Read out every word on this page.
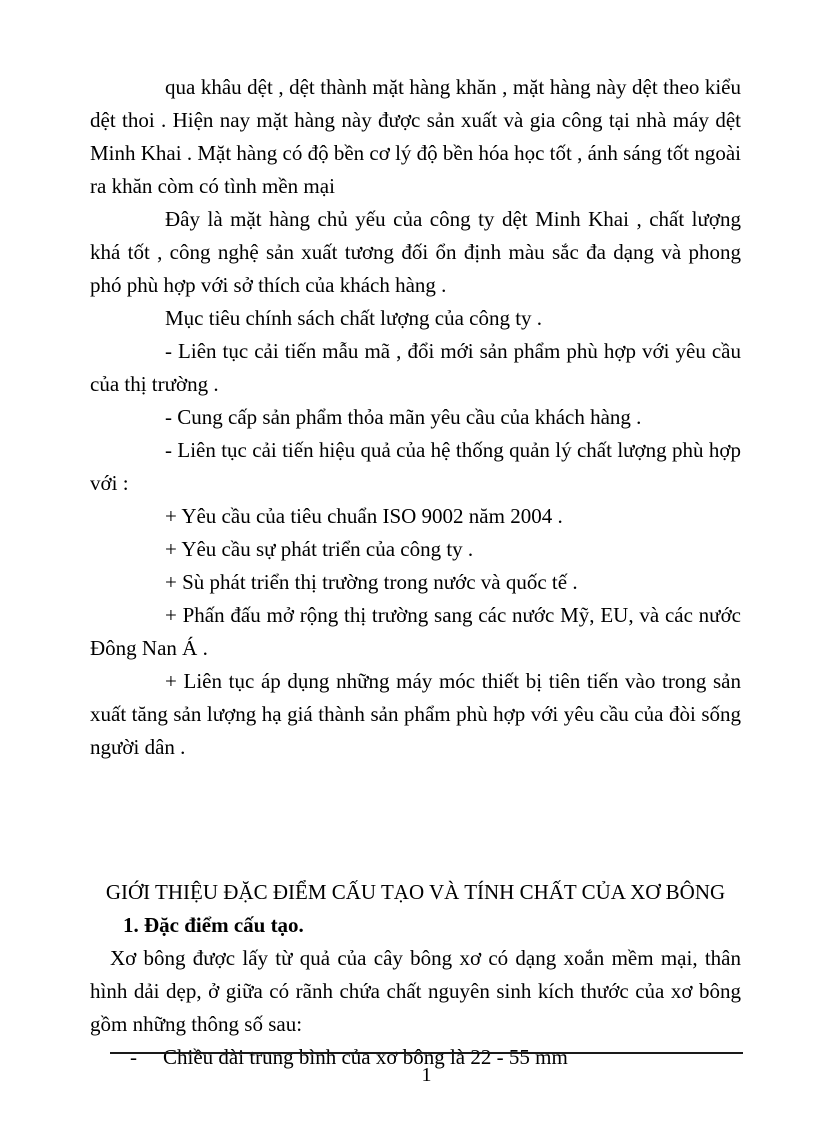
qua khâu dệt , dệt thành mặt hàng khăn , mặt hàng này dệt theo kiểu dệt thoi . Hiện nay mặt hàng này được sản xuất và gia công tại nhà máy dệt Minh Khai . Mặt hàng có độ bền cơ lý độ bền hóa học tốt , ánh sáng tốt ngoài ra khăn còm có tình mền mại

Đây là mặt hàng chủ yếu của công ty dệt Minh Khai , chất lượng khá tốt , công nghệ sản xuất tương đối ổn định màu sắc đa dạng và phong phó phù hợp với sở thích của khách hàng .

Mục tiêu chính sách chất lượng của công ty .

- Liên tục cải tiến mẫu mã , đổi mới sản phẩm phù hợp với yêu cầu của thị trường .

- Cung cấp sản phẩm thỏa mãn yêu cầu của khách hàng .

- Liên tục cải tiến hiệu quả của hệ thống quản lý chất lượng phù hợp với :

+ Yêu cầu của tiêu chuẩn ISO 9002 năm 2004 .

+ Yêu cầu sự phát triển của công ty .

+ Sù phát triển thị trường trong nước và quốc tế .

+ Phấn đấu mở rộng thị trường sang các nước Mỹ, EU, và các nước Đông Nan Á .

+ Liên tục áp dụng những máy móc thiết bị tiên tiến vào trong sản xuất tăng sản lượng hạ giá thành sản phẩm phù hợp với yêu cầu của đòi sống người dân .

GIỚI THIỆU ĐẶC ĐIỂM CẤU TẠO VÀ TÍNH CHẤT CỦA XƠ BÔNG

1. Đặc điểm cấu tạo.

Xơ bông được lấy từ quả của cây bông xơ có dạng xoắn mềm mại, thân hình dải dẹp, ở giữa có rãnh chứa chất nguyên sinh kích thước của xơ bông gồm những thông số sau:

- Chiều dài trung bình của xơ bông là 22 - 55 mm

1
